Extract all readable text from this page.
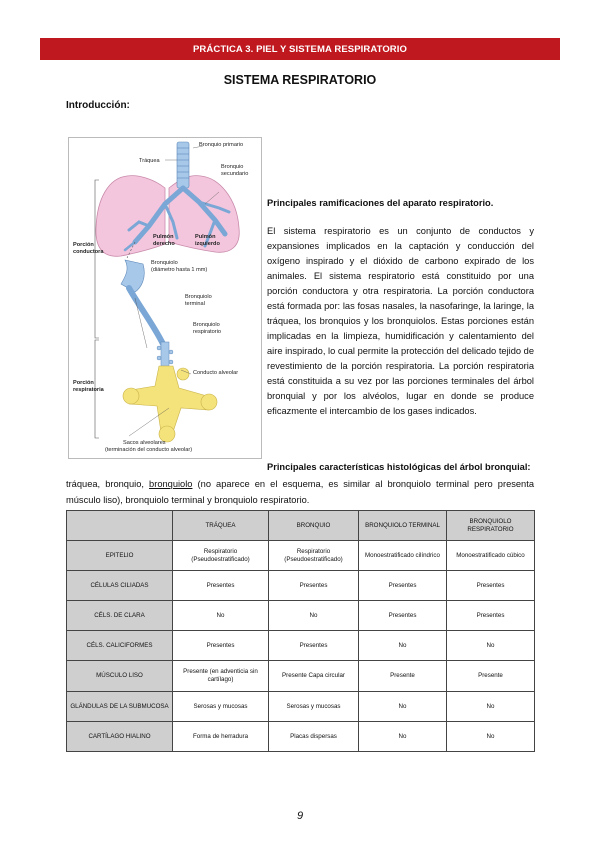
PRÁCTICA 3. PIEL Y SISTEMA RESPIRATORIO
SISTEMA RESPIRATORIO
Introducción:
Tráquea
Bronquio primario
Bronquio
secundario
Pulmón
derecho
Pulmón
izquierdo
Porción
conductora
Bronquiolo
(diámetro hasta 1 mm)
Bronquiolo
terminal
Bronquiolo
respiratorio
Conducto alveolar
Porción
respiratoria
Sacos alveolares
(terminación del conducto alveolar)
Principales ramificaciones del aparato respiratorio.
El sistema respiratorio es un conjunto de conductos y expansiones implicados en la captación y conducción del oxígeno inspirado y el dióxido de carbono expirado de los animales. El sistema respiratorio está constituido por una porción conductora y otra respiratoria. La porción conductora está formada por: las fosas nasales, la nasofaringe, la laringe, la tráquea, los bronquios y los bronquiolos. Estas porciones están implicadas en la limpieza, humidificación y calentamiento del aire inspirado, lo cual permite la protección del delicado tejido de revestimiento de la porción respiratoria. La porción respiratoria está constituida a su vez por las porciones terminales del árbol bronquial y por los alvéolos, lugar en donde se produce eficazmente el intercambio de los gases indicados.
Principales características histológicas del árbol bronquial:
tráquea, bronquio, bronquiolo (no aparece en el esquema, es similar al bronquiolo terminal pero presenta músculo liso), bronquiolo terminal y bronquiolo respiratorio.
	TRÁQUEA	BRONQUIO	BRONQUIOLO TERMINAL	BRONQUIOLO RESPIRATORIO
EPITELIO	Respiratorio (Pseudoestratificado)	Respiratorio (Pseudoestratificado)	Monoestratificado cilíndrico	Monoestratificado cúbico
CÉLULAS CILIADAS	Presentes	Presentes	Presentes	Presentes
CÉLS. DE CLARA	No	No	Presentes	Presentes
CÉLS. CALICIFORMES	Presentes	Presentes	No	No
MÚSCULO LISO	Presente (en adventicia sin cartílago)	Presente Capa circular	Presente	Presente
GLÁNDULAS DE LA SUBMUCOSA	Serosas y mucosas	Serosas y mucosas	No	No
CARTÍLAGO HIALINO	Forma de herradura	Placas dispersas	No	No
9
